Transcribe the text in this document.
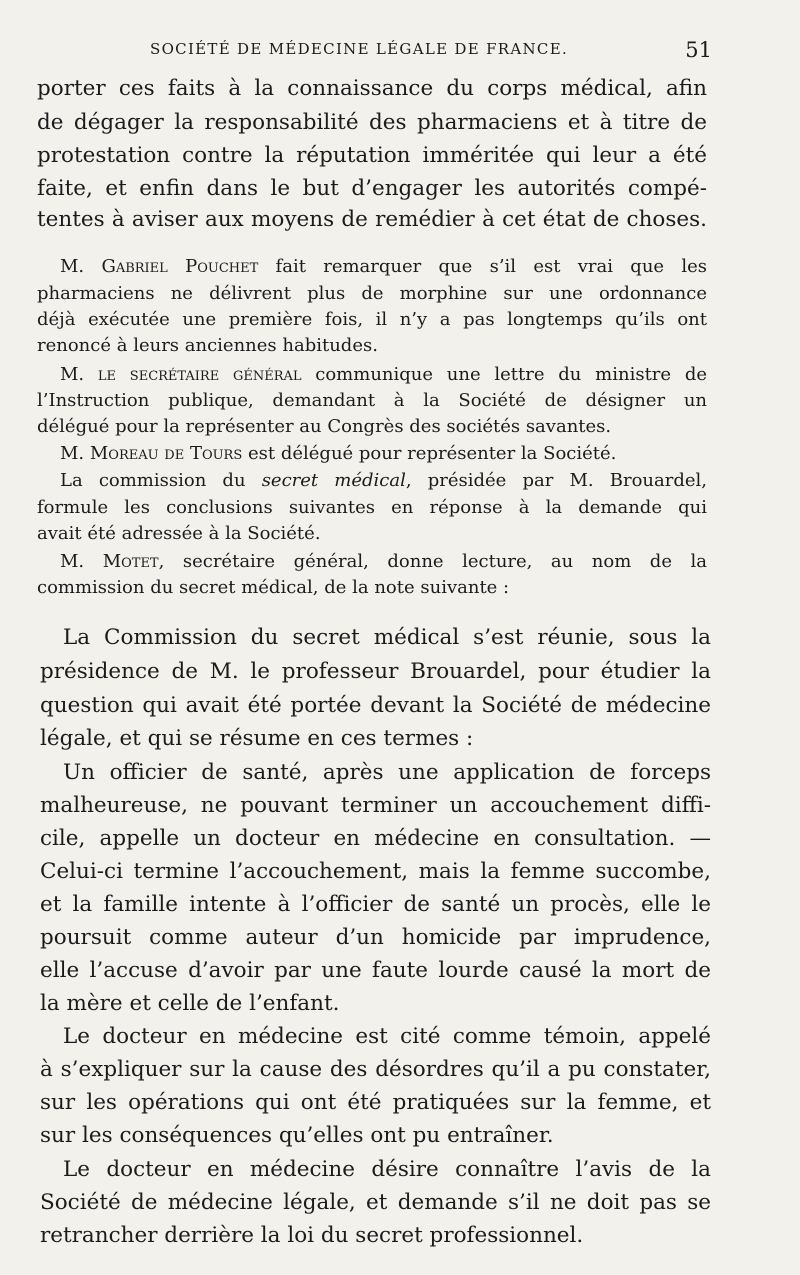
SOCIÉTÉ DE MÉDECINE LÉGALE DE FRANCE.	51
porter ces faits à la connaissance du corps médical, afin
de dégager la responsabilité des pharmaciens et à titre de
protestation contre la réputation imméritée qui leur a été
faite, et enfin dans le but d’engager les autorités compé-
tentes à aviser aux moyens de remédier à cet état de choses.
M. Gabriel Pouchet fait remarquer que s’il est vrai que les
pharmaciens ne délivrent plus de morphine sur une ordonnance
déjà exécutée une première fois, il n’y a pas longtemps qu’ils ont
renoncé à leurs anciennes habitudes.
M. le secrétaire général communique une lettre du ministre de
l’Instruction publique, demandant à la Société de désigner un
délégué pour la représenter au Congrès des sociétés savantes.
M. Moreau de Tours est délégué pour représenter la Société.
La commission du secret médical, présidée par M. Brouardel,
formule les conclusions suivantes en réponse à la demande qui
avait été adressée à la Société.
M. Motet, secrétaire général, donne lecture, au nom de la
commission du secret médical, de la note suivante :
La Commission du secret médical s’est réunie, sous la
présidence de M. le professeur Brouardel, pour étudier la
question qui avait été portée devant la Société de médecine
légale, et qui se résume en ces termes :
Un officier de santé, après une application de forceps
malheureuse, ne pouvant terminer un accouchement diffi-
cile, appelle un docteur en médecine en consultation. —
Celui-ci termine l’accouchement, mais la femme succombe,
et la famille intente à l’officier de santé un procès, elle le
poursuit comme auteur d’un homicide par imprudence,
elle l’accuse d’avoir par une faute lourde causé la mort de
la mère et celle de l’enfant.
Le docteur en médecine est cité comme témoin, appelé
à s’expliquer sur la cause des désordres qu’il a pu constater,
sur les opérations qui ont été pratiquées sur la femme, et
sur les conséquences qu’elles ont pu entraîner.
Le docteur en médecine désire connaître l’avis de la
Société de médecine légale, et demande s’il ne doit pas se
retrancher derrière la loi du secret professionnel.
